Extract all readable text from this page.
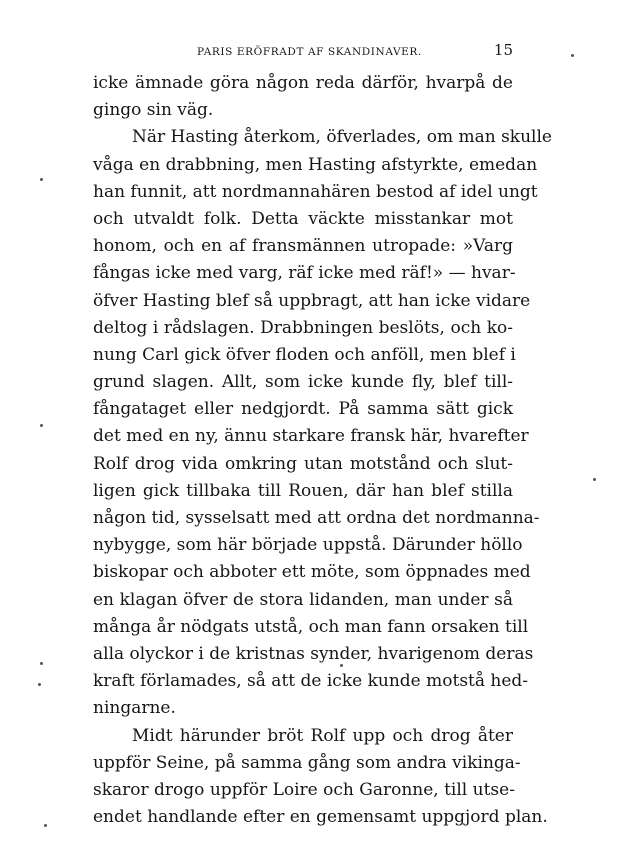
PARIS ERÖFRADT AF SKANDINAVER.	15
icke ämnade göra någon reda därför, hvarpå de
gingo sin väg.
När Hasting återkom, öfverlades, om man skulle
våga en drabbning, men Hasting afstyrkte, emedan
han funnit, att nordmannahären bestod af idel ungt
och utvaldt folk. Detta väckte misstankar mot
honom, och en af fransmännen utropade: »Varg
fångas icke med varg, räf icke med räf!» — hvar-
öfver Hasting blef så uppbragt, att han icke vidare
deltog i rådslagen. Drabbningen beslöts, och ko-
nung Carl gick öfver floden och anföll, men blef i
grund slagen. Allt, som icke kunde fly, blef till-
fångataget eller nedgjordt. På samma sätt gick
det med en ny, ännu starkare fransk här, hvarefter
Rolf drog vida omkring utan motstånd och slut-
ligen gick tillbaka till Rouen, där han blef stilla
någon tid, sysselsatt med att ordna det nordmanna-
nybygge, som här började uppstå. Därunder höllo
biskopar och abboter ett möte, som öppnades med
en klagan öfver de stora lidanden, man under så
många år nödgats utstå, och man fann orsaken till
alla olyckor i de kristnas synder, hvarigenom deras
kraft förlamades, så att de icke kunde motstå hed-
ningarne.
Midt härunder bröt Rolf upp och drog åter
uppför Seine, på samma gång som andra vikinga-
skaror drogo uppför Loire och Garonne, till utse-
endet handlande efter en gemensamt uppgjord plan.
